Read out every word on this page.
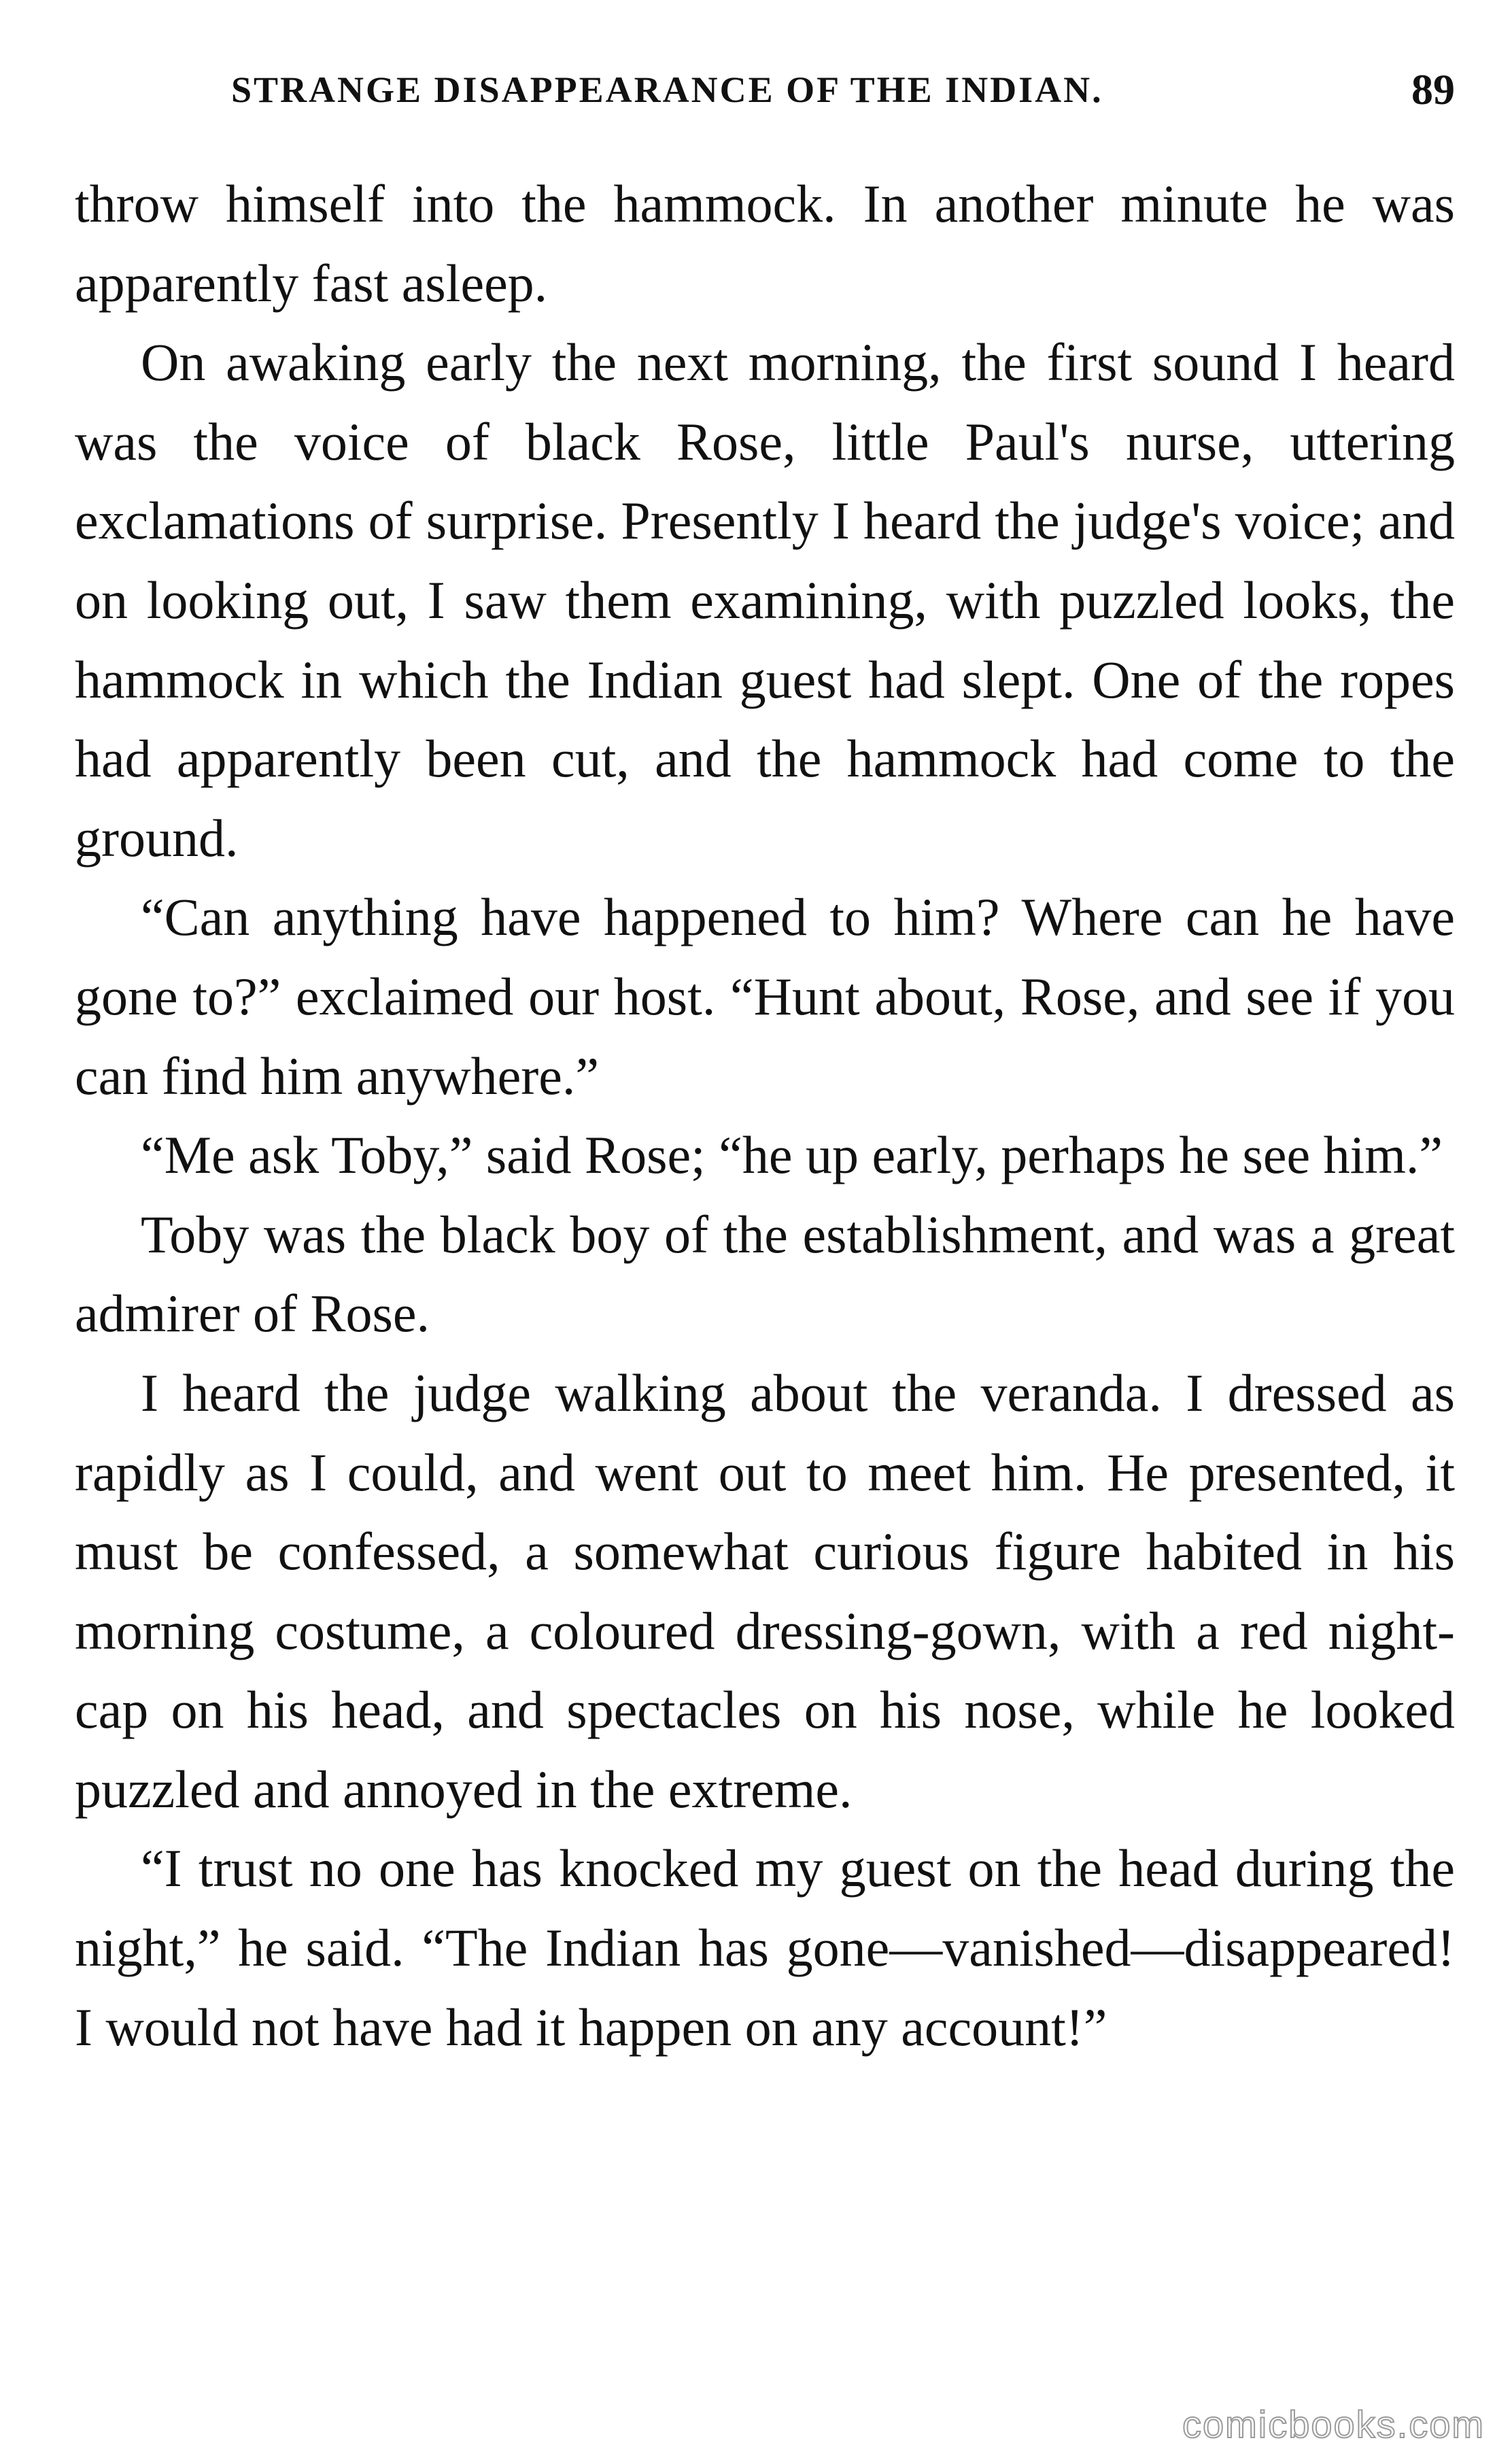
STRANGE DISAPPEARANCE OF THE INDIAN.	89

throw himself into the hammock. In another minute he was apparently fast asleep.

On awaking early the next morning, the first sound I heard was the voice of black Rose, little Paul's nurse, uttering exclamations of surprise. Presently I heard the judge's voice; and on looking out, I saw them examining, with puzzled looks, the hammock in which the Indian guest had slept. One of the ropes had apparently been cut, and the hammock had come to the ground.

“Can anything have happened to him? Where can he have gone to?” exclaimed our host. “Hunt about, Rose, and see if you can find him anywhere.”

“Me ask Toby,” said Rose; “he up early, perhaps he see him.”

Toby was the black boy of the establishment, and was a great admirer of Rose.

I heard the judge walking about the veranda. I dressed as rapidly as I could, and went out to meet him. He presented, it must be confessed, a somewhat curious figure habited in his morning costume, a coloured dressing-gown, with a red night-cap on his head, and spectacles on his nose, while he looked puzzled and annoyed in the extreme.

“I trust no one has knocked my guest on the head during the night,” he said. “The Indian has gone—vanished—disappeared! I would not have had it happen on any account!”

comicbooks.com
